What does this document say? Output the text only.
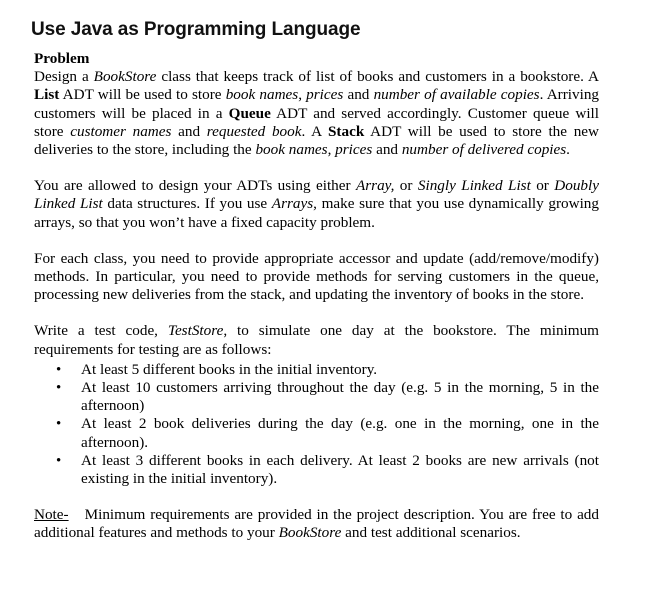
Use Java as Programming Language

Problem

Design a BookStore class that keeps track of list of books and customers in a bookstore. A List ADT will be used to store book names, prices and number of available copies. Arriving customers will be placed in a Queue ADT and served accordingly. Customer queue will store customer names and requested book. A Stack ADT will be used to store the new deliveries to the store, including the book names, prices and number of delivered copies.

You are allowed to design your ADTs using either Array, or Singly Linked List or Doubly Linked List data structures. If you use Arrays, make sure that you use dynamically growing arrays, so that you won’t have a fixed capacity problem.

For each class, you need to provide appropriate accessor and update (add/remove/modify) methods. In particular, you need to provide methods for serving customers in the queue, processing new deliveries from the stack, and updating the inventory of books in the store.

Write a test code, TestStore, to simulate one day at the bookstore. The minimum requirements for testing are as follows:

• At least 5 different books in the initial inventory.
• At least 10 customers arriving throughout the day (e.g. 5 in the morning, 5 in the afternoon)
• At least 2 book deliveries during the day (e.g. one in the morning, one in the afternoon).
• At least 3 different books in each delivery. At least 2 books are new arrivals (not existing in the initial inventory).

Note- Minimum requirements are provided in the project description. You are free to add additional features and methods to your BookStore and test additional scenarios.
